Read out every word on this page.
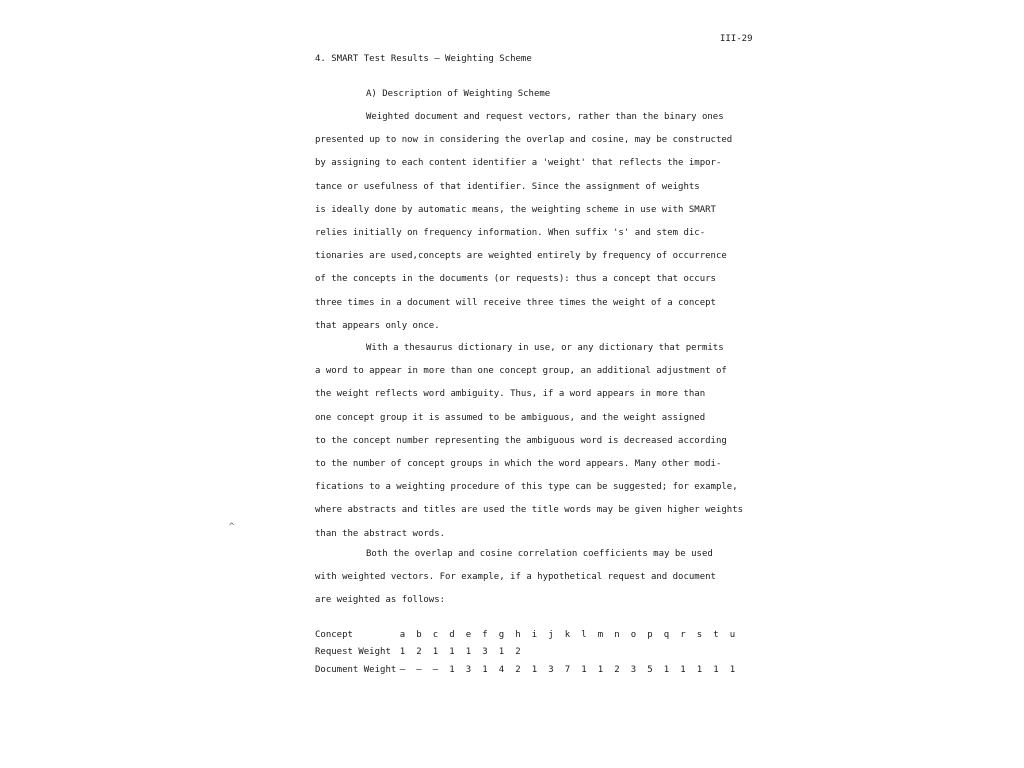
III-29
4. SMART Test Results — Weighting Scheme
A) Description of Weighting Scheme
Weighted document and request vectors, rather than the binary ones
presented up to now in considering the overlap and cosine, may be constructed
by assigning to each content identifier a 'weight' that reflects the impor-
tance or usefulness of that identifier. Since the assignment of weights
is ideally done by automatic means, the weighting scheme in use with SMART
relies initially on frequency information. When suffix 's' and stem dic-
tionaries are used,concepts are weighted entirely by frequency of occurrence
of the concepts in the documents (or requests): thus a concept that occurs
three times in a document will receive three times the weight of a concept
that appears only once.
With a thesaurus dictionary in use, or any dictionary that permits
a word to appear in more than one concept group, an additional adjustment of
the weight reflects word ambiguity. Thus, if a word appears in more than
one concept group it is assumed to be ambiguous, and the weight assigned
to the concept number representing the ambiguous word is decreased according
to the number of concept groups in which the word appears. Many other modi-
fications to a weighting procedure of this type can be suggested; for example,
where abstracts and titles are used the title words may be given higher weights
than the abstract words.
Both the overlap and cosine correlation coefficients may be used
with weighted vectors. For example, if a hypothetical request and document
are weighted as follows:
^
Concept	a	b	c	d	e	f	g	h	i	j	k	l	m	n	o	p	q	r	s	t	u
Request Weight 1	2	1	1	1	3	1	2
Document Weight –	–	–	1	3	1	4	2	1	3	7	1	1	2	3	5	1	1	1	1	1
